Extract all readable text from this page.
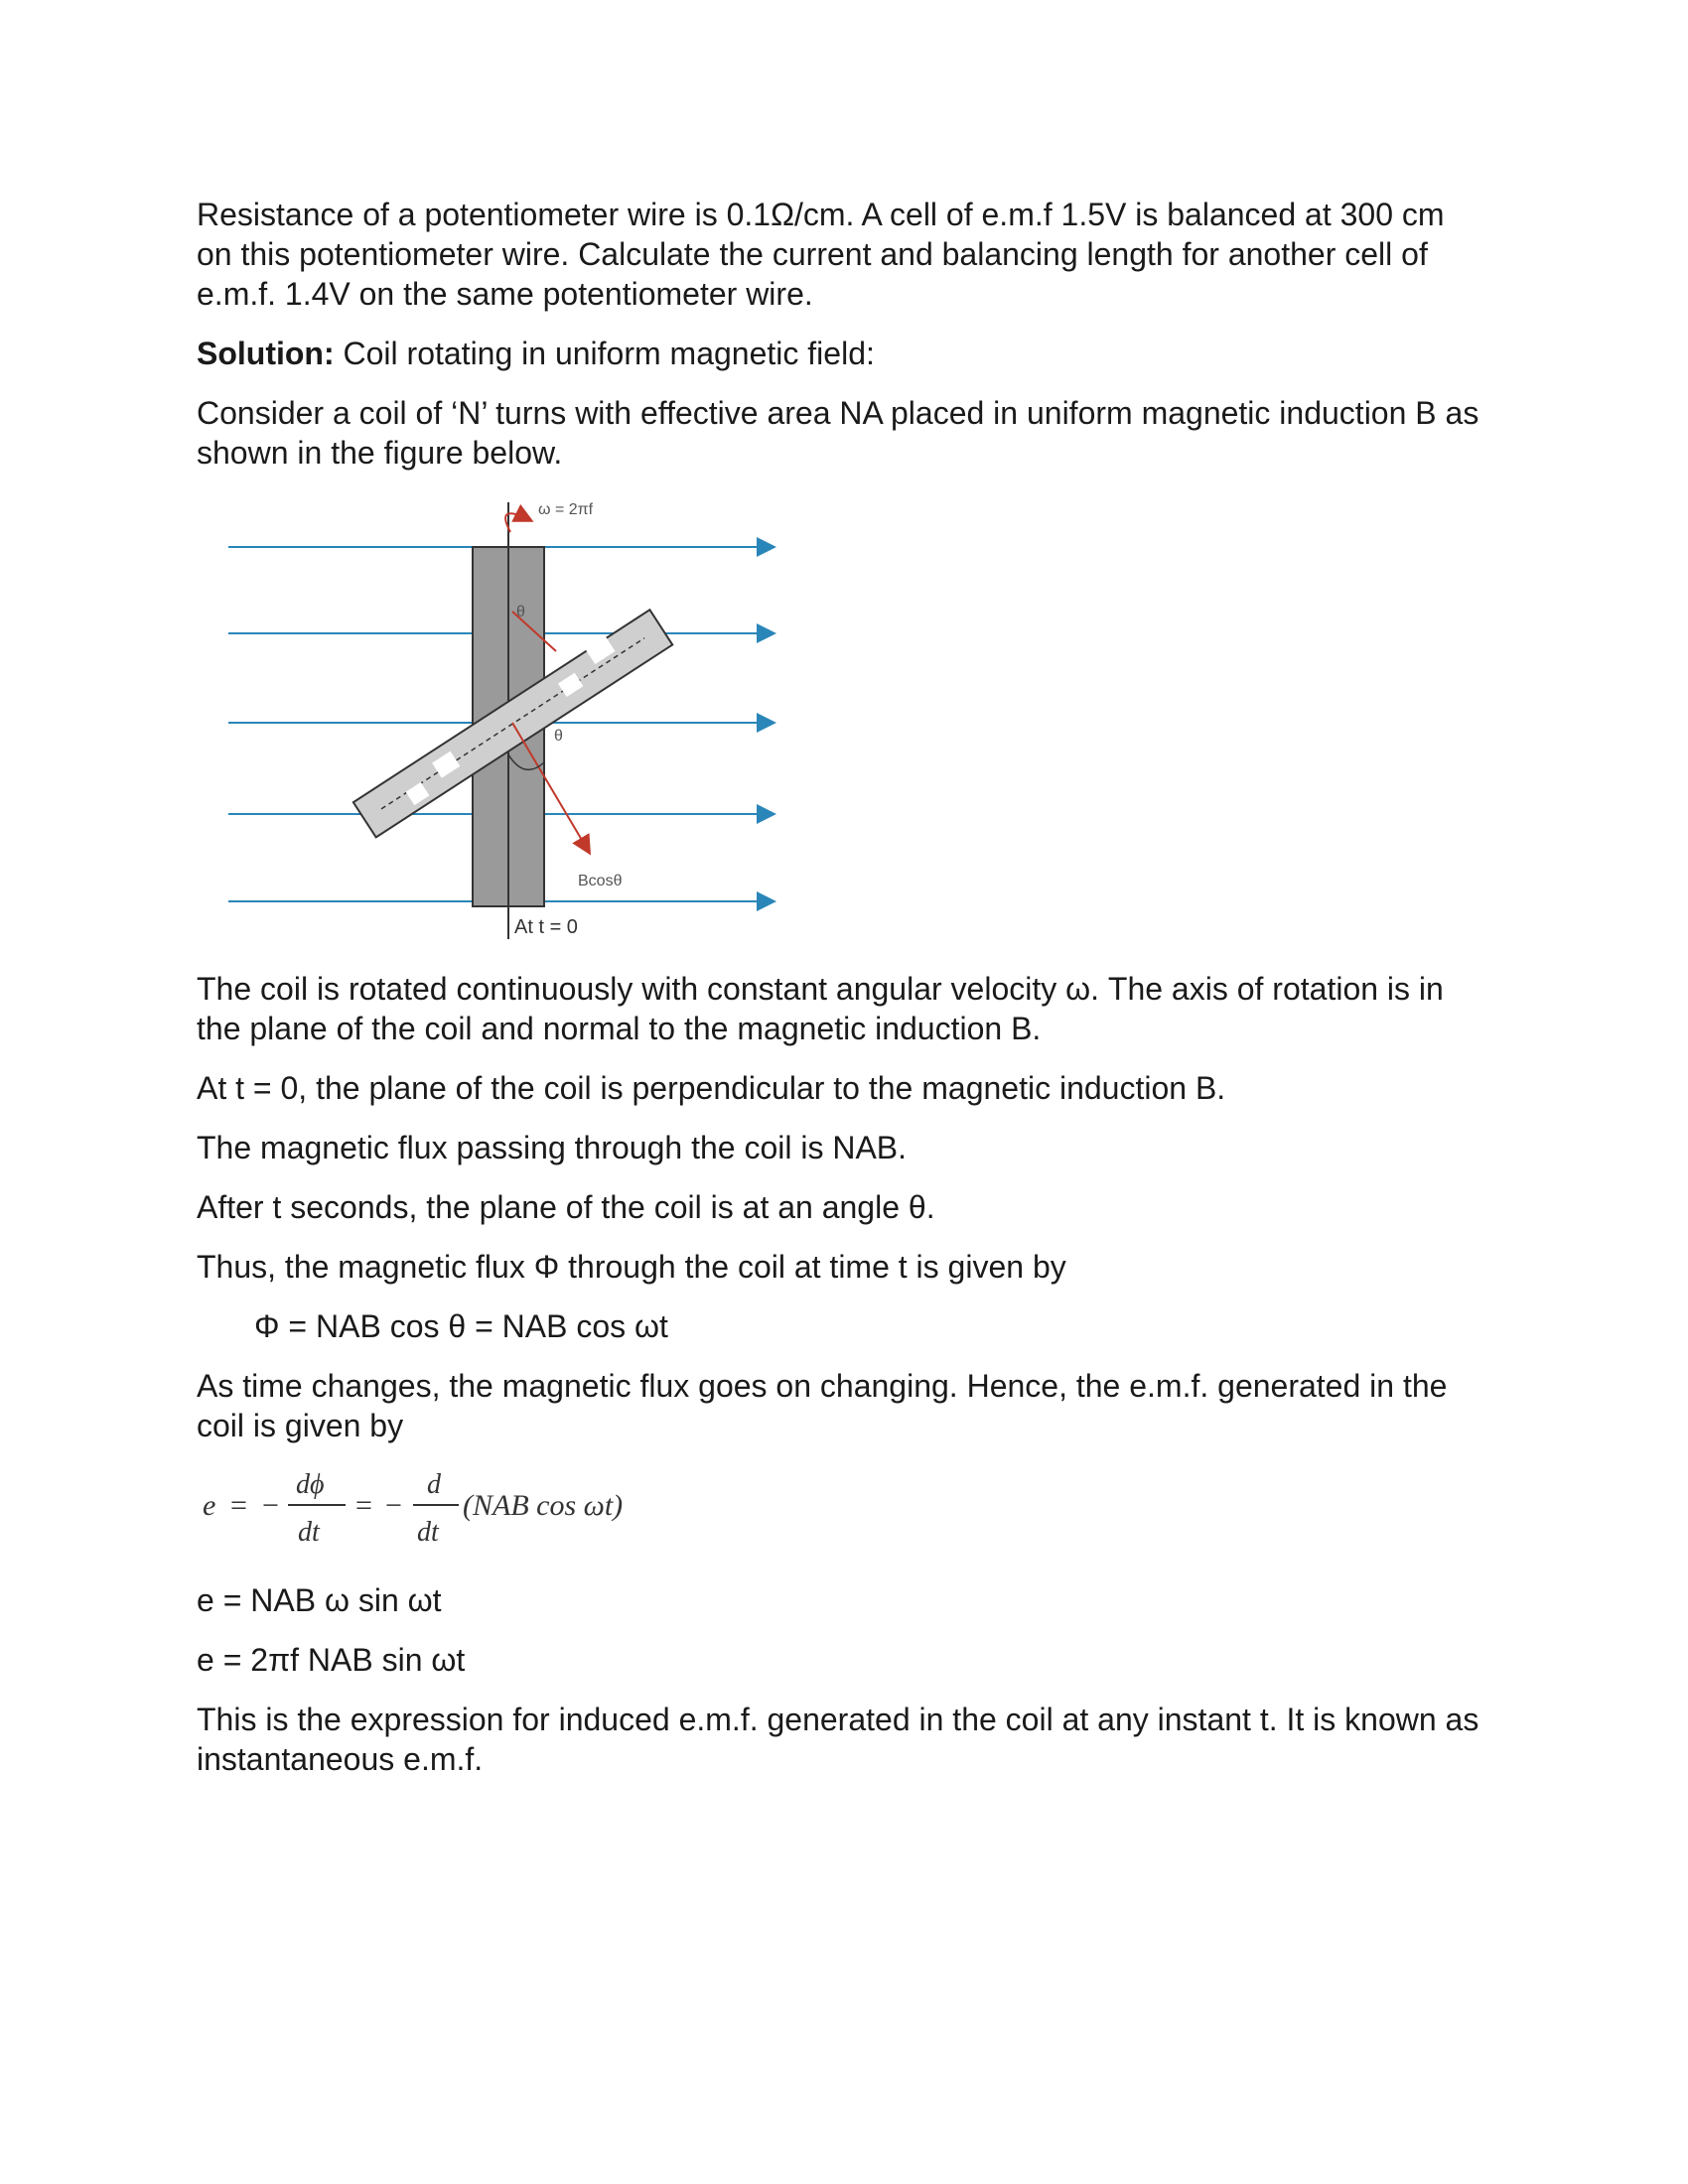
Resistance of a potentiometer wire is 0.1Ω/cm. A cell of e.m.f 1.5V is balanced at 300 cm on this potentiometer wire. Calculate the current and balancing length for another cell of e.m.f. 1.4V on the same potentiometer wire.

Solution: Coil rotating in uniform magnetic field:

Consider a coil of ‘N’ turns with effective area NA placed in uniform magnetic induction B as shown in the figure below.

ω = 2πf
θ
θ
Bcosθ
At t = 0

The coil is rotated continuously with constant angular velocity ω. The axis of rotation is in the plane of the coil and normal to the magnetic induction B.

At t = 0, the plane of the coil is perpendicular to the magnetic induction B.

The magnetic flux passing through the coil is NAB.

After t seconds, the plane of the coil is at an angle θ.

Thus, the magnetic flux Φ through the coil at time t is given by

Φ = NAB cos θ = NAB cos ωt

As time changes, the magnetic flux goes on changing. Hence, the e.m.f. generated in the coil is given by

e = −
dϕ
dt
= −
d
dt
(NAB cos ωt)

e = NAB ω sin ωt

e = 2πf NAB sin ωt

This is the expression for induced e.m.f. generated in the coil at any instant t. It is known as instantaneous e.m.f.
